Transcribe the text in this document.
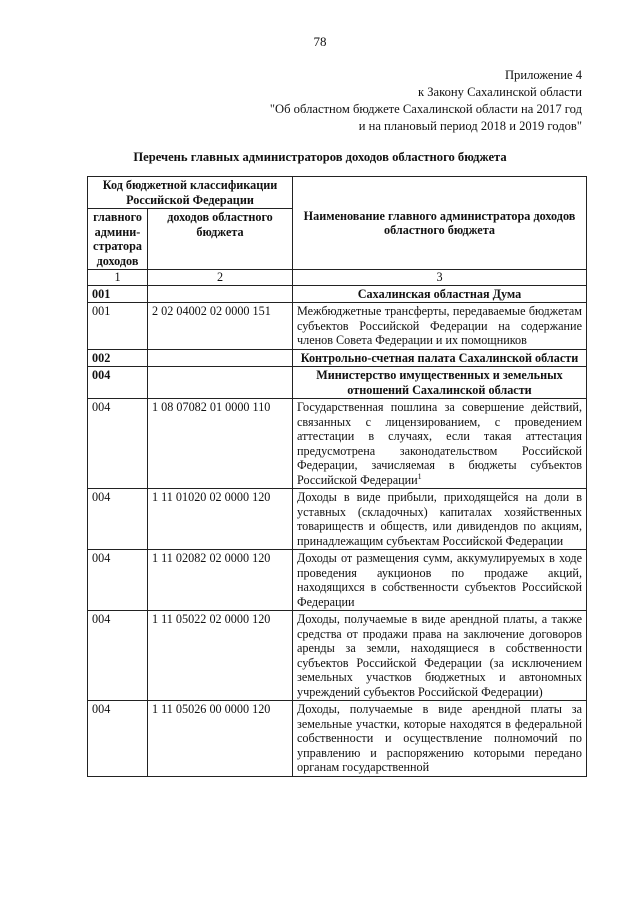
78
Приложение 4
к Закону Сахалинской области
"Об областном бюджете Сахалинской области на 2017 год
и на плановый период 2018 и 2019 годов"
Перечень главных администраторов доходов областного бюджета
Код бюджетной классификации Российской Федерации		Наименование главного администратора доходов областного бюджета
главного админи-стратора доходов	доходов областного бюджета	
1	2	3
001		Сахалинская областная Дума
001	2 02 04002 02 0000 151	Межбюджетные трансферты, передаваемые бюджетам субъектов Российской Федерации на содержание членов Совета Федерации и их помощников
002		Контрольно-счетная палата Сахалинской области
004		Министерство имущественных и земельных отношений Сахалинской области
004	1 08 07082 01 0000 110	Государственная пошлина за совершение действий, связанных с лицензированием, с проведением аттестации в случаях, если такая аттестация предусмотрена законодательством Российской Федерации, зачисляемая в бюджеты субъектов Российской Федерации$^1$
004	1 11 01020 02 0000 120	Доходы в виде прибыли, приходящейся на доли в уставных (складочных) капиталах хозяйственных товариществ и обществ, или дивидендов по акциям, принадлежащим субъектам Российской Федерации
004	1 11 02082 02 0000 120	Доходы от размещения сумм, аккумулируемых в ходе проведения аукционов по продаже акций, находящихся в собственности субъектов Российской Федерации
004	1 11 05022 02 0000 120	Доходы, получаемые в виде арендной платы, а также средства от продажи права на заключение договоров аренды за земли, находящиеся в собственности субъектов Российской Федерации (за исключением земельных участков бюджетных и автономных учреждений субъектов Российской Федерации)
004	1 11 05026 00 0000 120	Доходы, получаемые в виде арендной платы за земельные участки, которые находятся в федеральной собственности и осуществление полномочий по управлению и распоряжению которыми передано органам государственной
